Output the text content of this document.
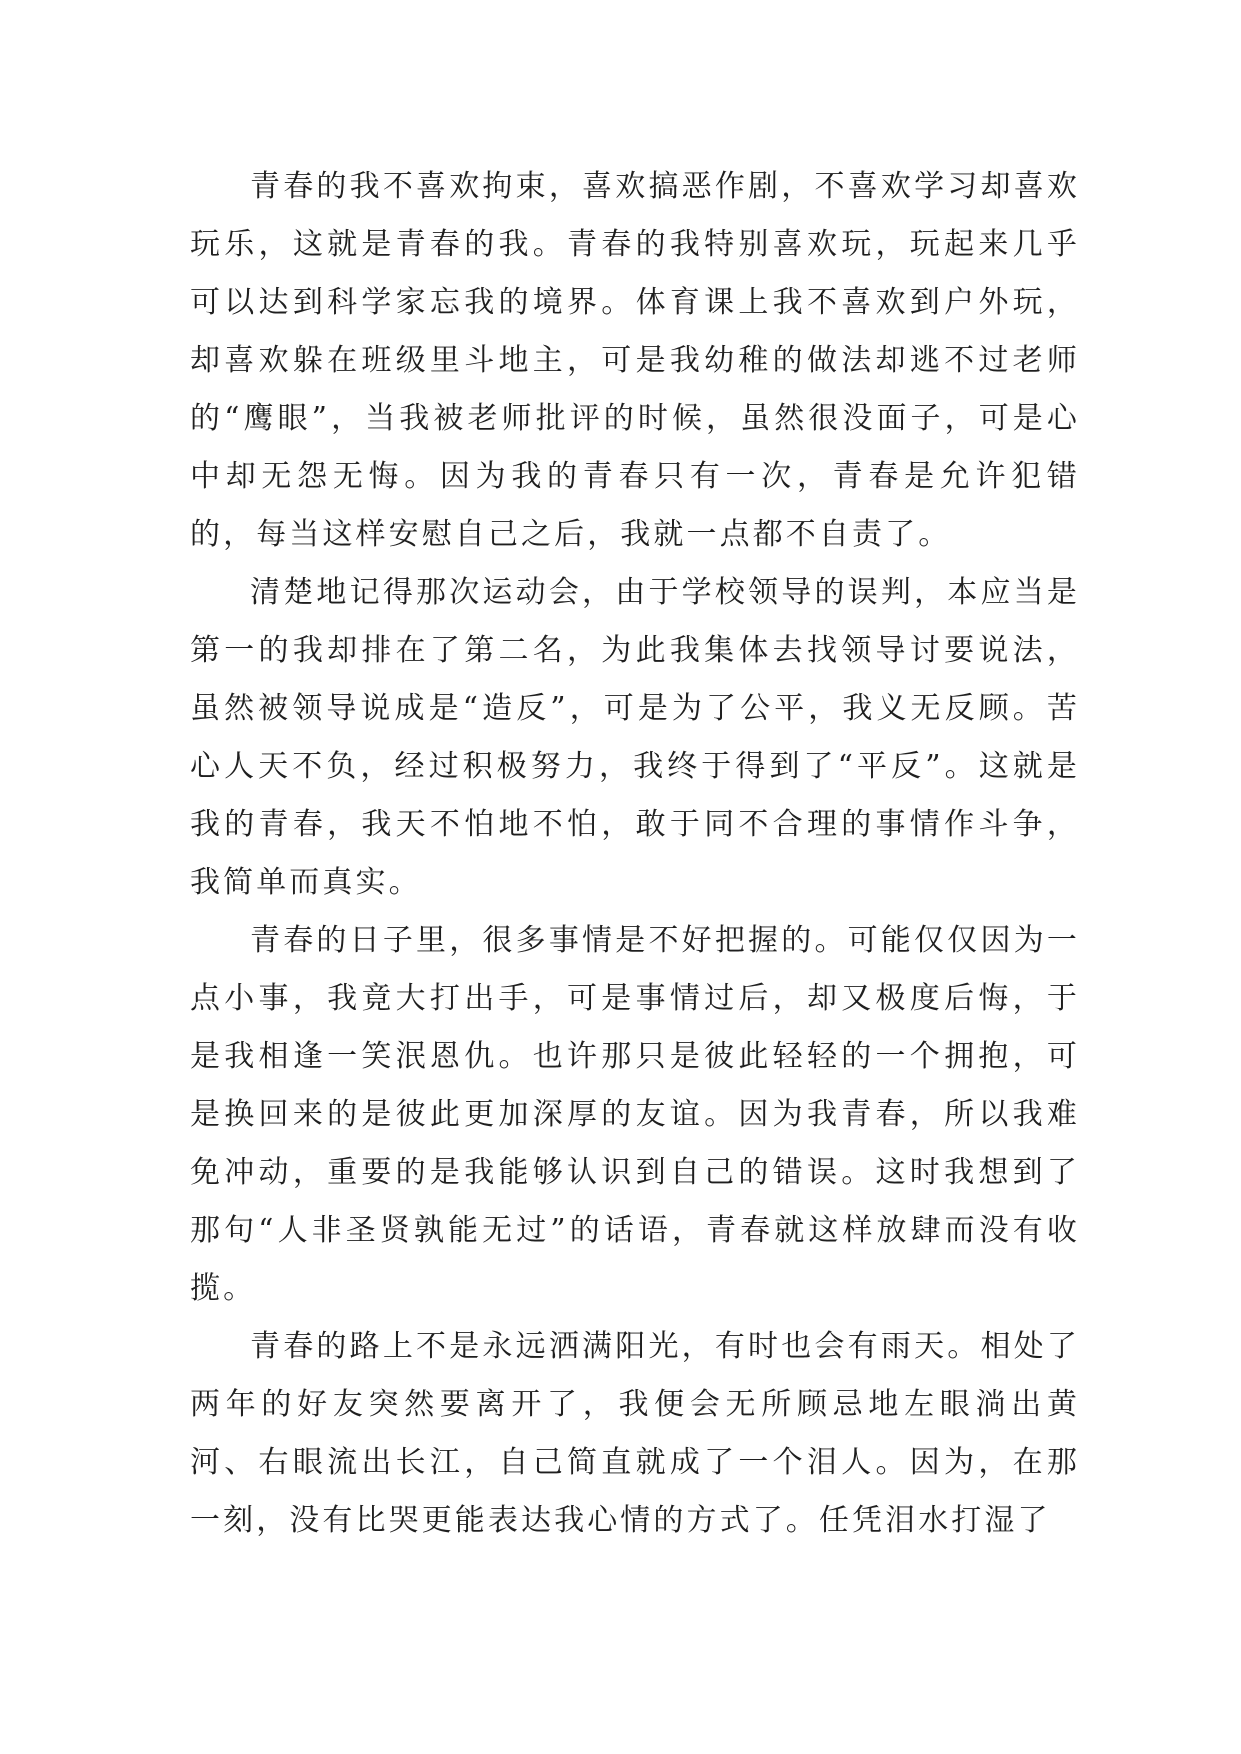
青春的我不喜欢拘束，喜欢搞恶作剧，不喜欢学习却喜欢玩乐，这就是青春的我。青春的我特别喜欢玩，玩起来几乎可以达到科学家忘我的境界。体育课上我不喜欢到户外玩，却喜欢躲在班级里斗地主，可是我幼稚的做法却逃不过老师的“鹰眼”，当我被老师批评的时候，虽然很没面子，可是心中却无怨无悔。因为我的青春只有一次，青春是允许犯错的，每当这样安慰自己之后，我就一点都不自责了。

清楚地记得那次运动会，由于学校领导的误判，本应当是第一的我却排在了第二名，为此我集体去找领导讨要说法，虽然被领导说成是“造反”，可是为了公平，我义无反顾。苦心人天不负，经过积极努力，我终于得到了“平反”。这就是我的青春，我天不怕地不怕，敢于同不合理的事情作斗争，我简单而真实。

青春的日子里，很多事情是不好把握的。可能仅仅因为一点小事，我竟大打出手，可是事情过后，却又极度后悔，于是我相逢一笑泯恩仇。也许那只是彼此轻轻的一个拥抱，可是换回来的是彼此更加深厚的友谊。因为我青春，所以我难免冲动，重要的是我能够认识到自己的错误。这时我想到了那句“人非圣贤孰能无过”的话语，青春就这样放肆而没有收揽。

青春的路上不是永远洒满阳光，有时也会有雨天。相处了两年的好友突然要离开了，我便会无所顾忌地左眼淌出黄河、右眼流出长江，自己简直就成了一个泪人。因为，在那一刻，没有比哭更能表达我心情的方式了。任凭泪水打湿了
